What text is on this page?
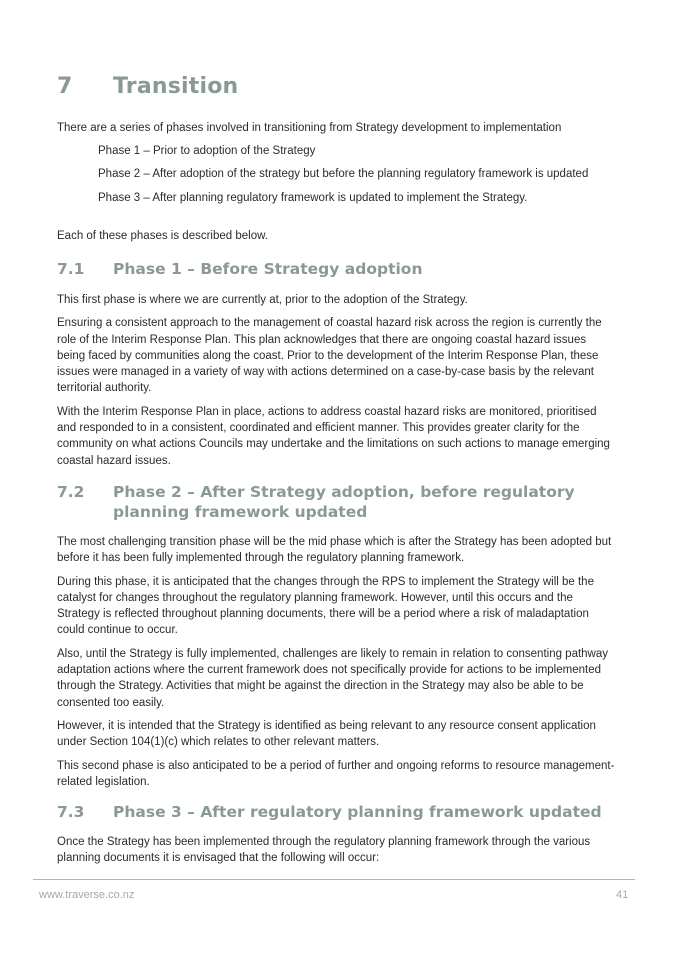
7 Transition

There are a series of phases involved in transitioning from Strategy development to implementation

Phase 1 – Prior to adoption of the Strategy

Phase 2 – After adoption of the strategy but before the planning regulatory framework is updated

Phase 3 – After planning regulatory framework is updated to implement the Strategy.

Each of these phases is described below.

7.1	Phase 1 – Before Strategy adoption

This first phase is where we are currently at, prior to the adoption of the Strategy.

Ensuring a consistent approach to the management of coastal hazard risk across the region is currently the role of the Interim Response Plan. This plan acknowledges that there are ongoing coastal hazard issues being faced by communities along the coast. Prior to the development of the Interim Response Plan, these issues were managed in a variety of way with actions determined on a case-by-case basis by the relevant territorial authority.

With the Interim Response Plan in place, actions to address coastal hazard risks are monitored, prioritised and responded to in a consistent, coordinated and efficient manner. This provides greater clarity for the community on what actions Councils may undertake and the limitations on such actions to manage emerging coastal hazard issues.

7.2	Phase 2 – After Strategy adoption, before regulatory planning framework updated

The most challenging transition phase will be the mid phase which is after the Strategy has been adopted but before it has been fully implemented through the regulatory planning framework.

During this phase, it is anticipated that the changes through the RPS to implement the Strategy will be the catalyst for changes throughout the regulatory planning framework. However, until this occurs and the Strategy is reflected throughout planning documents, there will be a period where a risk of maladaptation could continue to occur.

Also, until the Strategy is fully implemented, challenges are likely to remain in relation to consenting pathway adaptation actions where the current framework does not specifically provide for actions to be implemented through the Strategy. Activities that might be against the direction in the Strategy may also be able to be consented too easily.

However, it is intended that the Strategy is identified as being relevant to any resource consent application under Section 104(1)(c) which relates to other relevant matters.

This second phase is also anticipated to be a period of further and ongoing reforms to resource management-related legislation.

7.3	Phase 3 – After regulatory planning framework updated

Once the Strategy has been implemented through the regulatory planning framework through the various planning documents it is envisaged that the following will occur:

www.traverse.co.nz	41
